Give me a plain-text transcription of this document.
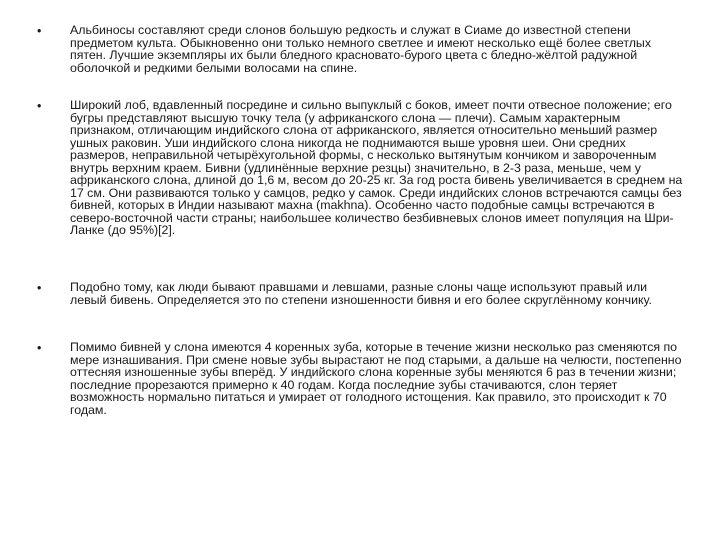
• Альбиносы составляют среди слонов большую редкость и служат в Сиаме до известной степени предметом культа. Обыкновенно они только немного светлее и имеют несколько ещё более светлых пятен. Лучшие экземпляры их были бледного красновато-бурого цвета с бледно-жёлтой радужной оболочкой и редкими белыми волосами на спине.
• Широкий лоб, вдавленный посредине и сильно выпуклый с боков, имеет почти отвесное положение; его бугры представляют высшую точку тела (у африканского слона — плечи). Самым характерным признаком, отличающим индийского слона от африканского, является относительно меньший размер ушных раковин. Уши индийского слона никогда не поднимаются выше уровня шеи. Они средних размеров, неправильной четырёхугольной формы, с несколько вытянутым кончиком и завороченным внутрь верхним краем. Бивни (удлинённые верхние резцы) значительно, в 2-3 раза, меньше, чем у африканского слона, длиной до 1,6 м, весом до 20-25 кг. За год роста бивень увеличивается в среднем на 17 см. Они развиваются только у самцов, редко у самок. Среди индийских слонов встречаются самцы без бивней, которых в Индии называют махна (makhna). Особенно часто подобные самцы встречаются в северо-восточной части страны; наибольшее количество безбивневых слонов имеет популяция на Шри-Ланке (до 95%)[2].
• Подобно тому, как люди бывают правшами и левшами, разные слоны чаще используют правый или левый бивень. Определяется это по степени изношенности бивня и его более скруглённому кончику.
• Помимо бивней у слона имеются 4 коренных зуба, которые в течение жизни несколько раз сменяются по мере изнашивания. При смене новые зубы вырастают не под старыми, а дальше на челюсти, постепенно оттесняя изношенные зубы вперёд. У индийского слона коренные зубы меняются 6 раз в течении жизни; последние прорезаются примерно к 40 годам. Когда последние зубы стачиваются, слон теряет возможность нормально питаться и умирает от голодного истощения. Как правило, это происходит к 70 годам.
